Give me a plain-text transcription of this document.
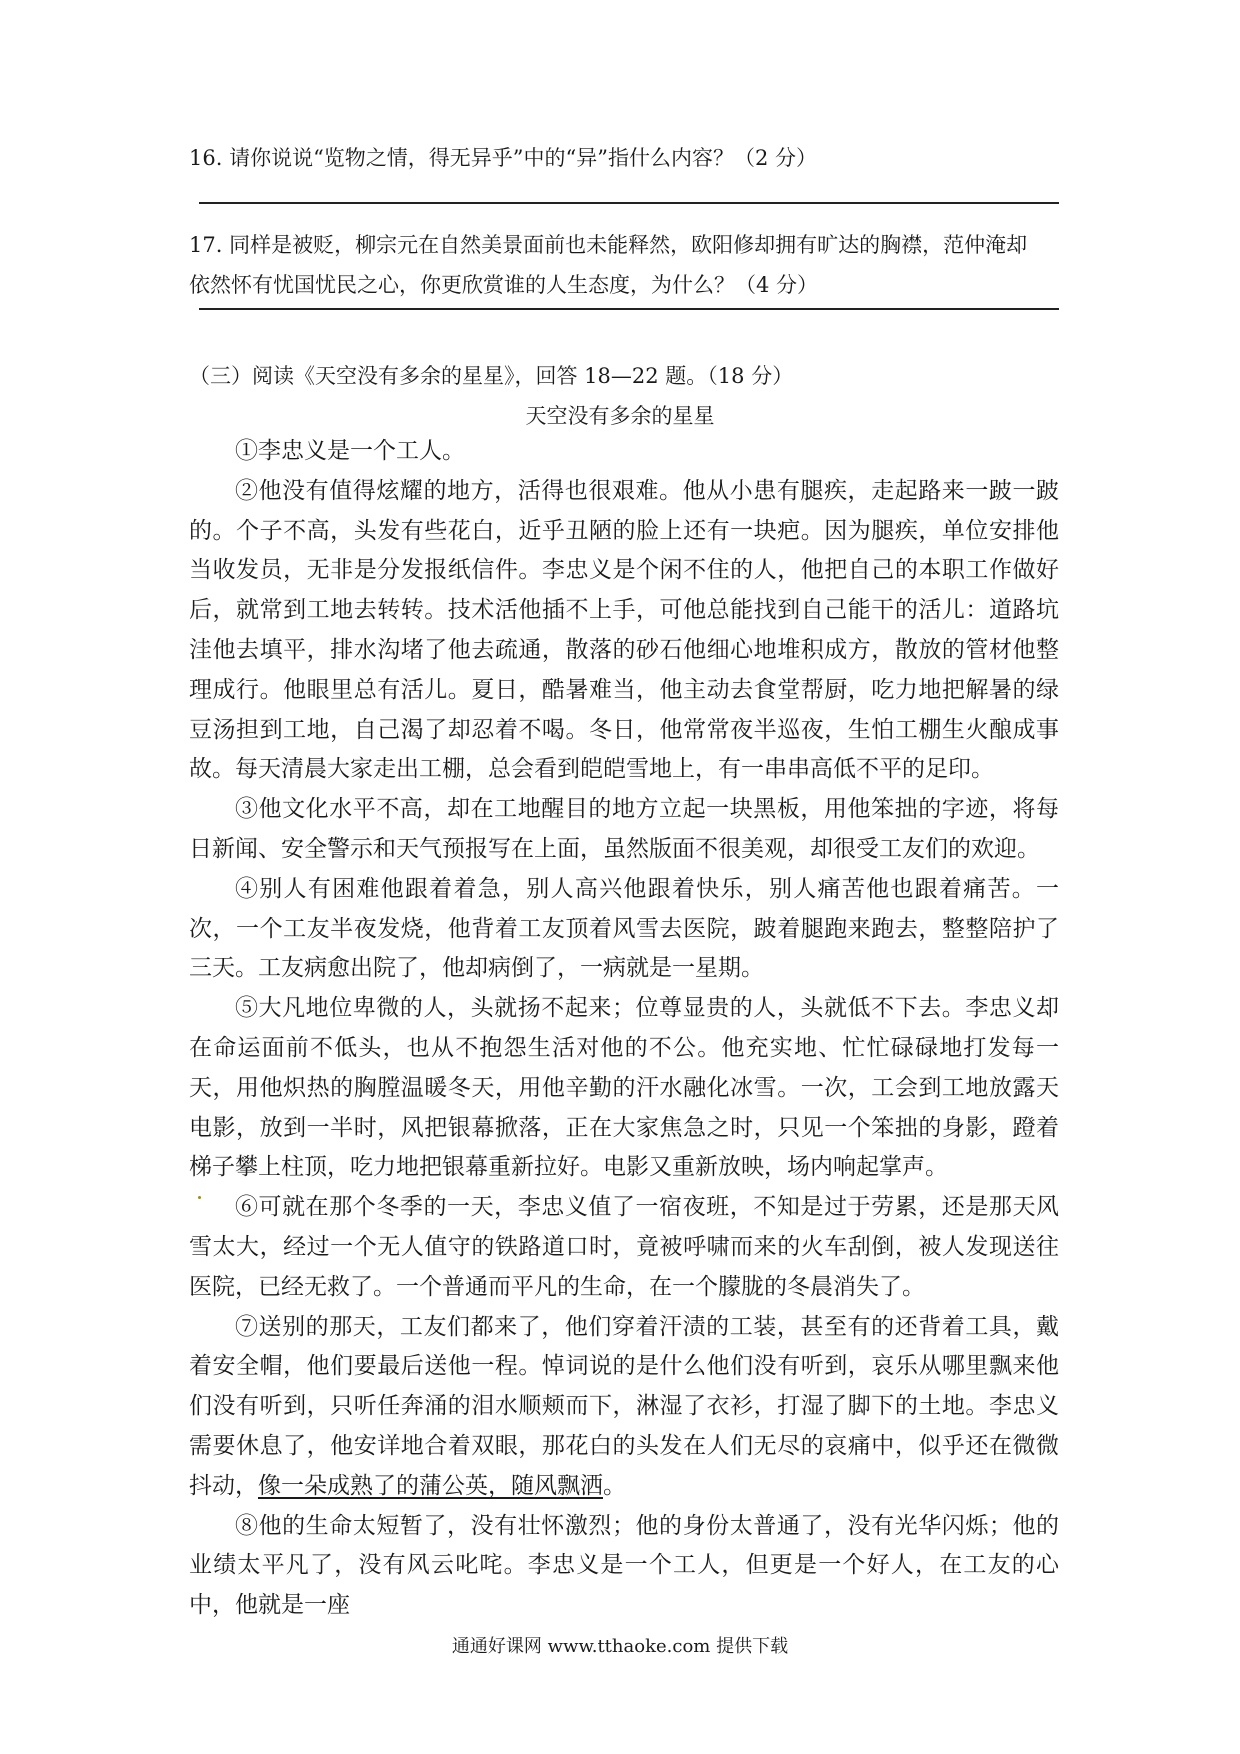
16. 请你说说“览物之情，得无异乎”中的“异”指什么内容？（2 分）
17. 同样是被贬，柳宗元在自然美景面前也未能释然，欧阳修却拥有旷达的胸襟，范仲淹却
依然怀有忧国忧民之心，你更欣赏谁的人生态度，为什么？（4 分）
（三）阅读《天空没有多余的星星》，回答 18—22 题。（18 分）
天空没有多余的星星

①李忠义是一个工人。

②他没有值得炫耀的地方，活得也很艰难。他从小患有腿疾，走起路来一跛一跛的。个子不高，头发有些花白，近乎丑陋的脸上还有一块疤。因为腿疾，单位安排他当收发员，无非是分发报纸信件。李忠义是个闲不住的人，他把自己的本职工作做好后，就常到工地去转转。技术活他插不上手，可他总能找到自己能干的活儿：道路坑洼他去填平，排水沟堵了他去疏通，散落的砂石他细心地堆积成方，散放的管材他整理成行。他眼里总有活儿。夏日，酷暑难当，他主动去食堂帮厨，吃力地把解暑的绿豆汤担到工地，自己渴了却忍着不喝。冬日，他常常夜半巡夜，生怕工棚生火酿成事故。每天清晨大家走出工棚，总会看到皑皑雪地上，有一串串高低不平的足印。

③他文化水平不高，却在工地醒目的地方立起一块黑板，用他笨拙的字迹，将每日新闻、安全警示和天气预报写在上面，虽然版面不很美观，却很受工友们的欢迎。

④别人有困难他跟着着急，别人高兴他跟着快乐，别人痛苦他也跟着痛苦。一次，一个工友半夜发烧，他背着工友顶着风雪去医院，跛着腿跑来跑去，整整陪护了三天。工友病愈出院了，他却病倒了，一病就是一星期。

⑤大凡地位卑微的人，头就扬不起来；位尊显贵的人，头就低不下去。李忠义却在命运面前不低头，也从不抱怨生活对他的不公。他充实地、忙忙碌碌地打发每一天，用他炽热的胸膛温暖冬天，用他辛勤的汗水融化冰雪。一次，工会到工地放露天电影，放到一半时，风把银幕掀落，正在大家焦急之时，只见一个笨拙的身影，蹬着梯子攀上柱顶，吃力地把银幕重新拉好。电影又重新放映，场内响起掌声。

⑥可就在那个冬季的一天，李忠义值了一宿夜班，不知是过于劳累，还是那天风雪太大，经过一个无人值守的铁路道口时，竟被呼啸而来的火车刮倒，被人发现送往医院，已经无救了。一个普通而平凡的生命，在一个朦胧的冬晨消失了。

⑦送别的那天，工友们都来了，他们穿着汗渍的工装，甚至有的还背着工具，戴着安全帽，他们要最后送他一程。悼词说的是什么他们没有听到，哀乐从哪里飘来他们没有听到，只听任奔涌的泪水顺颊而下，淋湿了衣衫，打湿了脚下的土地。李忠义需要休息了，他安详地合着双眼，那花白的头发在人们无尽的哀痛中，似乎还在微微抖动，像一朵成熟了的蒲公英，随风飘洒。

⑧他的生命太短暂了，没有壮怀激烈；他的身份太普通了，没有光华闪烁；他的业绩太平凡了，没有风云叱咤。李忠义是一个工人，但更是一个好人，在工友的心中，他就是一座

通通好课网 www.tthaoke.com 提供下载
